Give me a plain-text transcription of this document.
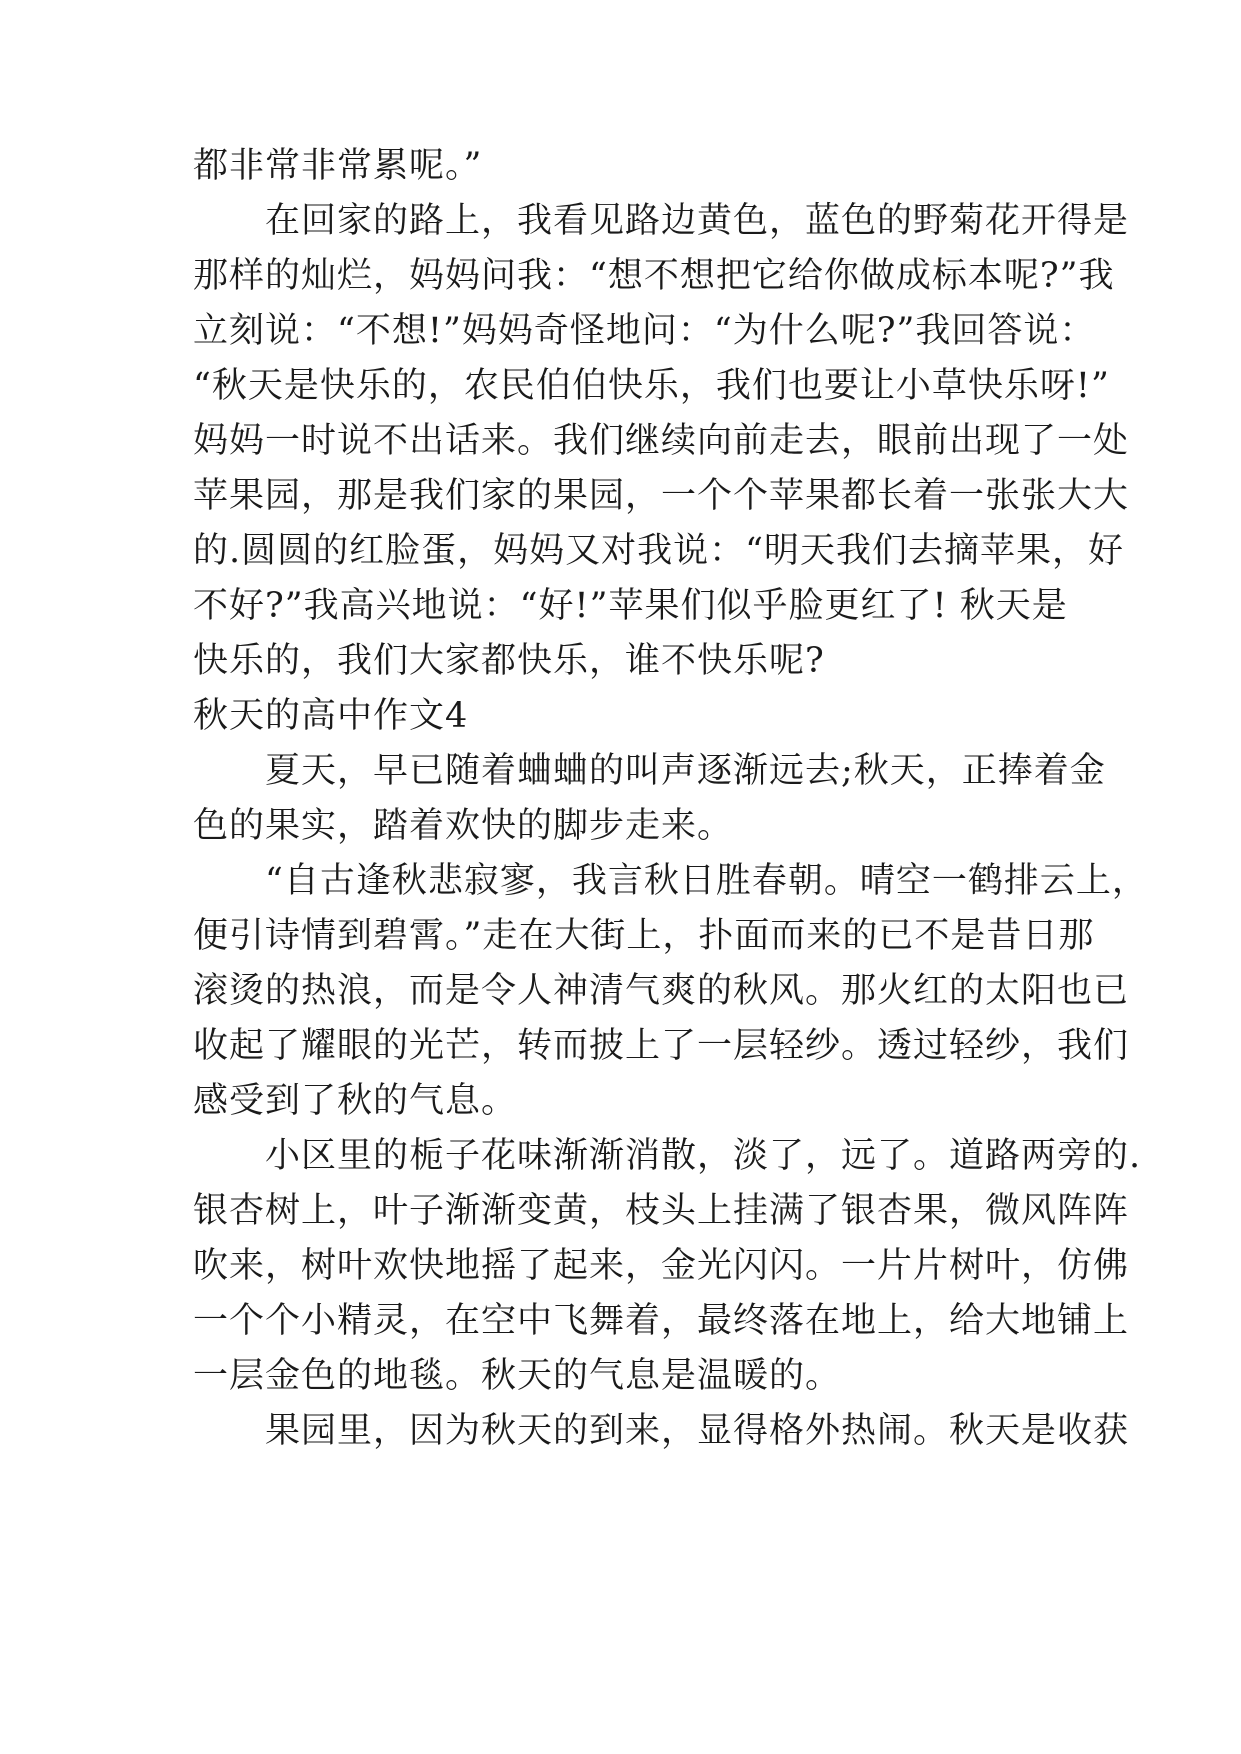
都非常非常累呢。”
　　在回家的路上，我看见路边黄色，蓝色的野菊花开得是
那样的灿烂，妈妈问我：“想不想把它给你做成标本呢?”我
立刻说：“不想!”妈妈奇怪地问：“为什么呢?”我回答说：
“秋天是快乐的，农民伯伯快乐，我们也要让小草快乐呀!”
妈妈一时说不出话来。我们继续向前走去，眼前出现了一处
苹果园，那是我们家的果园，一个个苹果都长着一张张大大
的.圆圆的红脸蛋，妈妈又对我说：“明天我们去摘苹果，好
不好?”我高兴地说：“好!”苹果们似乎脸更红了! 秋天是
快乐的，我们大家都快乐，谁不快乐呢?
秋天的高中作文4
　　夏天，早已随着蛐蛐的叫声逐渐远去;秋天，正捧着金
色的果实，踏着欢快的脚步走来。
　　“自古逢秋悲寂寥，我言秋日胜春朝。晴空一鹤排云上，
便引诗情到碧霄。”走在大街上，扑面而来的已不是昔日那
滚烫的热浪，而是令人神清气爽的秋风。那火红的太阳也已
收起了耀眼的光芒，转而披上了一层轻纱。透过轻纱，我们
感受到了秋的气息。
　　小区里的栀子花味渐渐消散，淡了，远了。道路两旁的.
银杏树上，叶子渐渐变黄，枝头上挂满了银杏果，微风阵阵
吹来，树叶欢快地摇了起来，金光闪闪。一片片树叶，仿佛
一个个小精灵，在空中飞舞着，最终落在地上，给大地铺上
一层金色的地毯。秋天的气息是温暖的。
　　果园里，因为秋天的到来，显得格外热闹。秋天是收获
